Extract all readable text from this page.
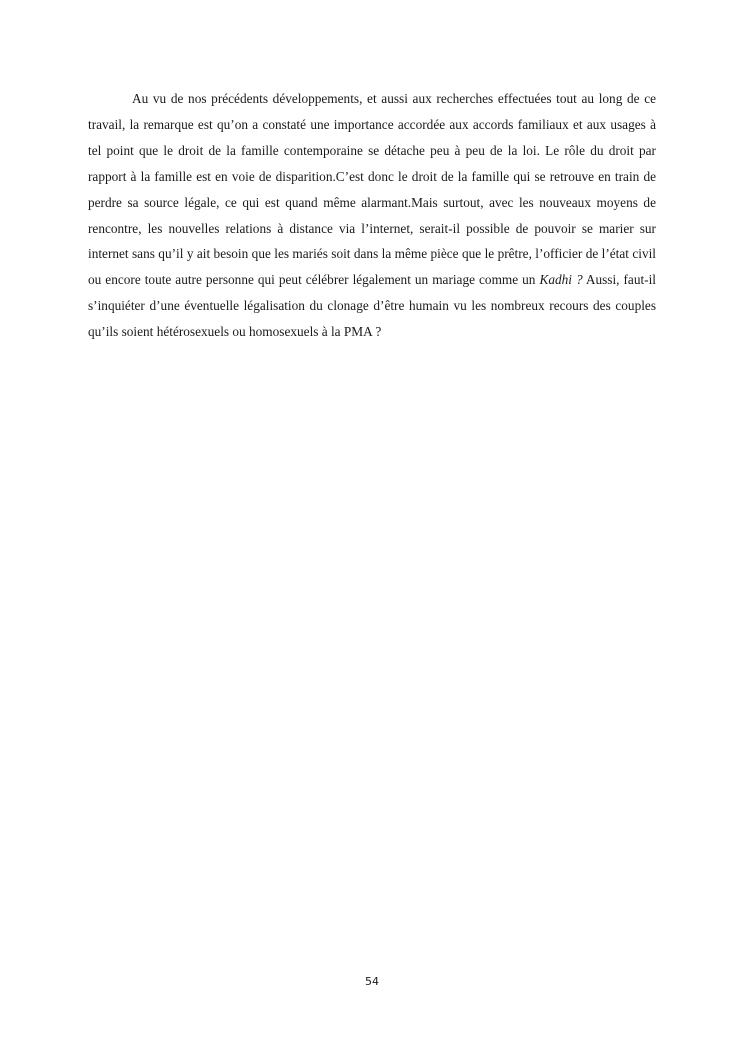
Au vu de nos précédents développements, et aussi aux recherches effectuées tout au long de ce travail, la remarque est qu’on a constaté une importance accordée aux accords familiaux et aux usages à tel point que le droit de la famille contemporaine se détache peu à peu de la loi. Le rôle du droit par rapport à la famille est en voie de disparition.C’est donc le droit de la famille qui se retrouve en train de perdre sa source légale, ce qui est quand même alarmant.Mais surtout, avec les nouveaux moyens de rencontre, les nouvelles relations à distance via l’internet, serait-il possible de pouvoir se marier sur internet sans qu’il y ait besoin que les mariés soit dans la même pièce que le prêtre, l’officier de l’état civil ou encore toute autre personne qui peut célébrer légalement un mariage comme un Kadhi ? Aussi, faut-il s’inquiéter d’une éventuelle légalisation du clonage d’être humain vu les nombreux recours des couples qu’ils soient hétérosexuels ou homosexuels à la PMA ?

54
